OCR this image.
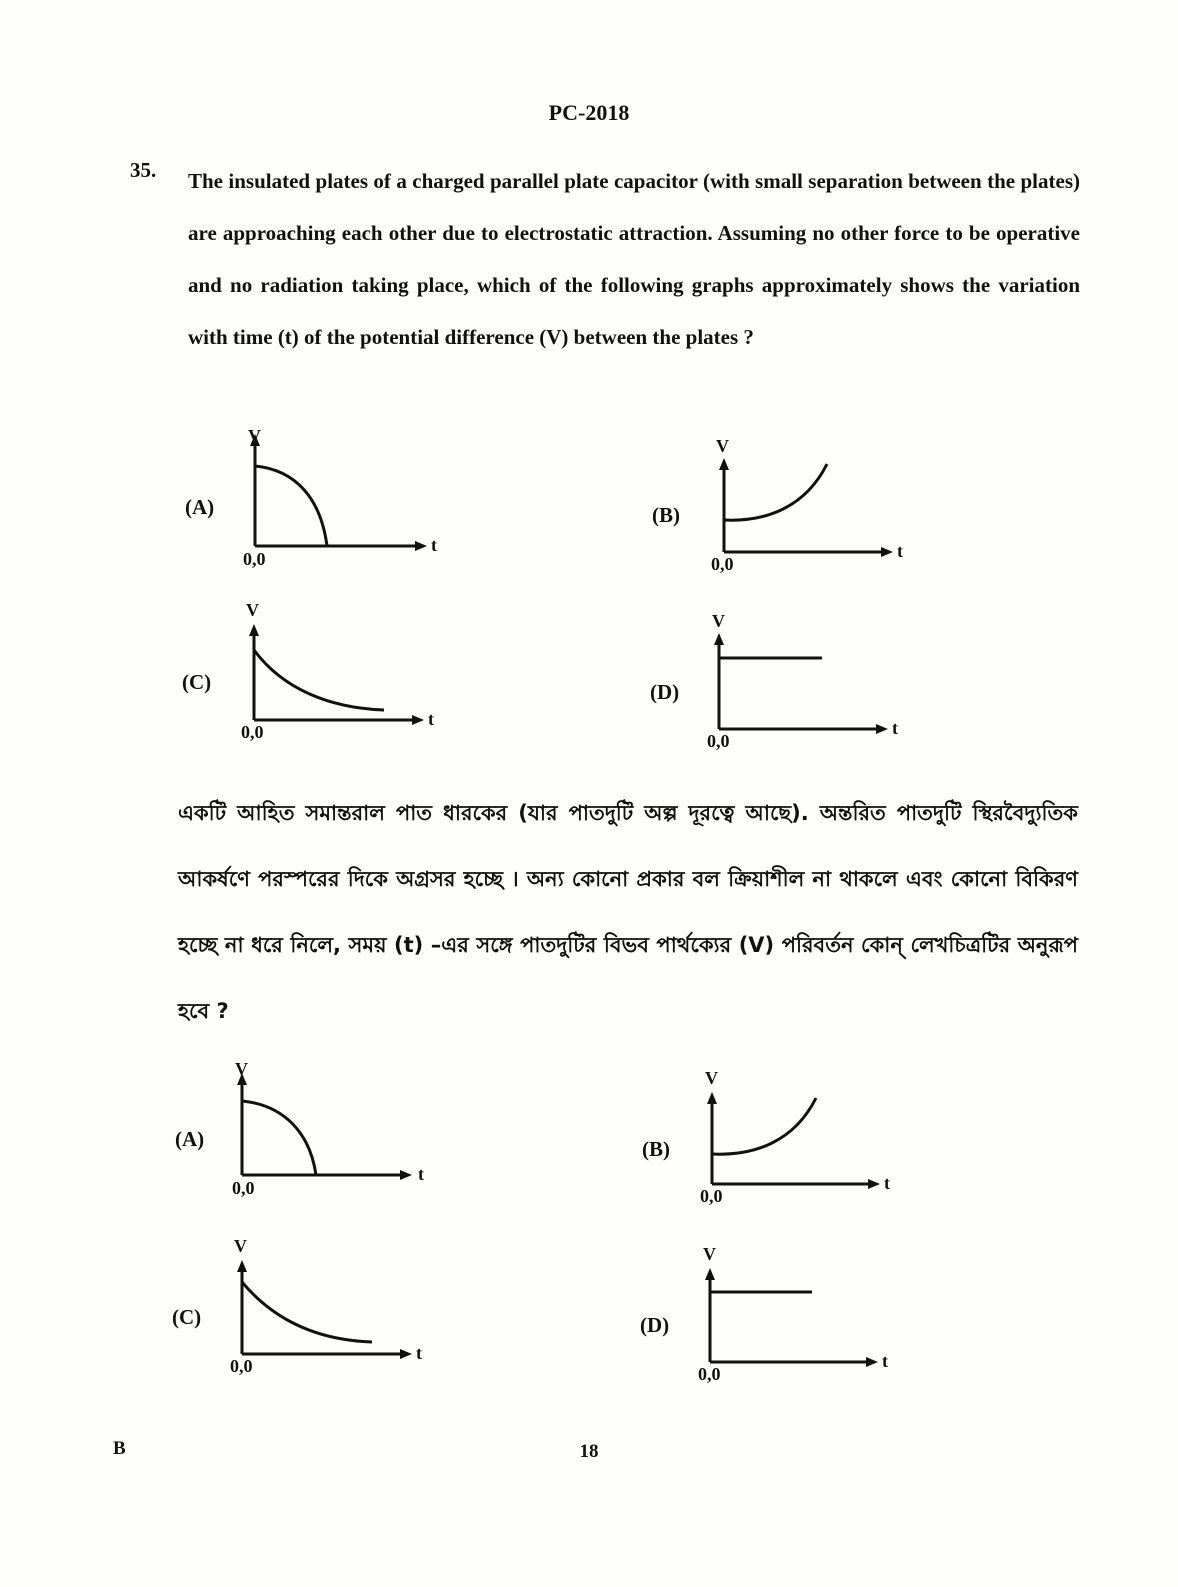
PC-2018
35. The insulated plates of a charged parallel plate capacitor (with small separation between the plates) are approaching each other due to electrostatic attraction. Assuming no other force to be operative and no radiation taking place, which of the following graphs approximately shows the variation with time (t) of the potential difference (V) between the plates ?
(A)
V
t
0,0
(B)
V
t
0,0
(C)
V
t
0,0
(D)
V
t
0,0
একটি আহিত সমান্তরাল পাত ধারকের (যার পাতদুটি অল্প দূরত্বে আছে). অন্তরিত পাতদুটি স্থিরবৈদ্যুতিক আকর্ষণে পরস্পরের দিকে অগ্রসর হচ্ছে । অন্য কোনো প্রকার বল ক্রিয়াশীল না থাকলে এবং কোনো বিকিরণ হচ্ছে না ধরে নিলে, সময় (t) –এর সঙ্গে পাতদুটির বিভব পার্থক্যের (V) পরিবর্তন কোন্ লেখচিত্রটির অনুরূপ হবে ?
(A)
V
t
0,0
(B)
V
t
0,0
(C)
V
t
0,0
(D)
V
t
0,0
B	18
